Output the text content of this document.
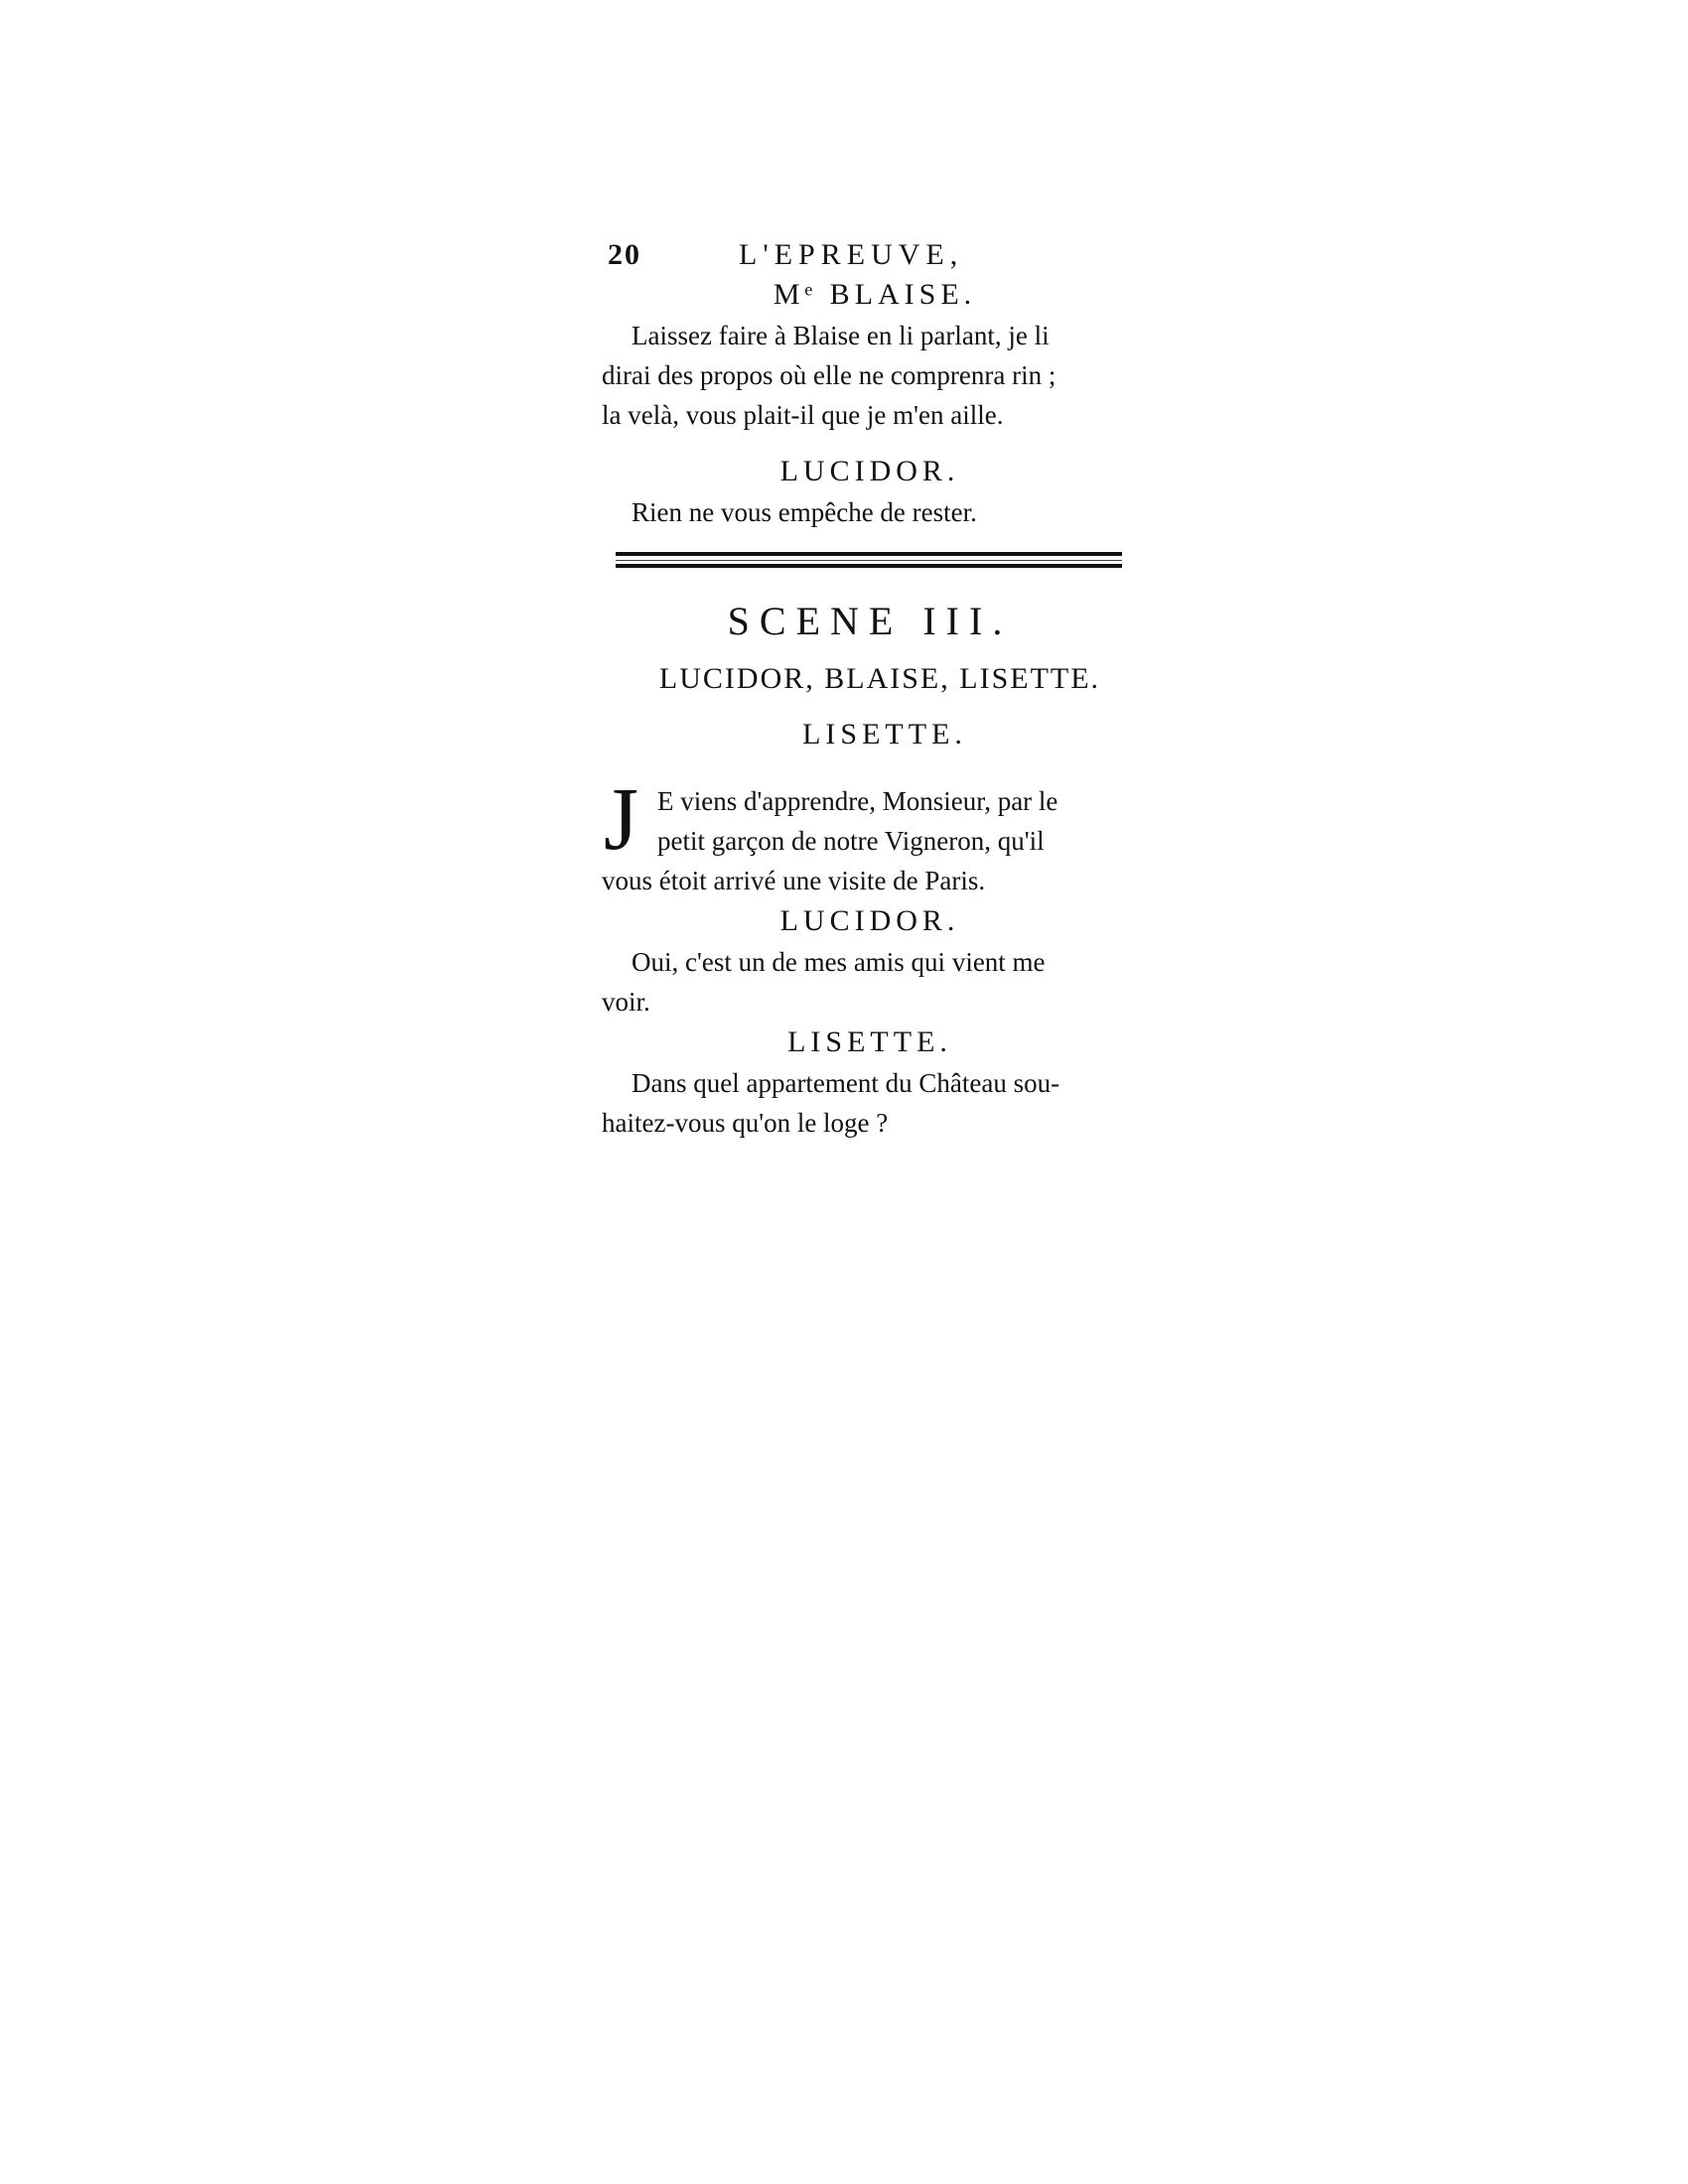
20	L'EPREUVE,

Mᵉ BLAISE.

Laissez faire à Blaise en li parlant, je li

dirai des propos où elle ne comprenra rin ;

la velà, vous plait-il que je m'en aille.

LUCIDOR.

Rien ne vous empêche de rester.

SCENE III.

LUCIDOR, BLAISE, LISETTE.

LISETTE.

J E viens d'apprendre, Monsieur, par le

petit garçon de notre Vigneron, qu'il

vous étoit arrivé une visite de Paris.

LUCIDOR.

Oui, c'est un de mes amis qui vient me

voir.

LISETTE.

Dans quel appartement du Château sou-

haitez-vous qu'on le loge ?
